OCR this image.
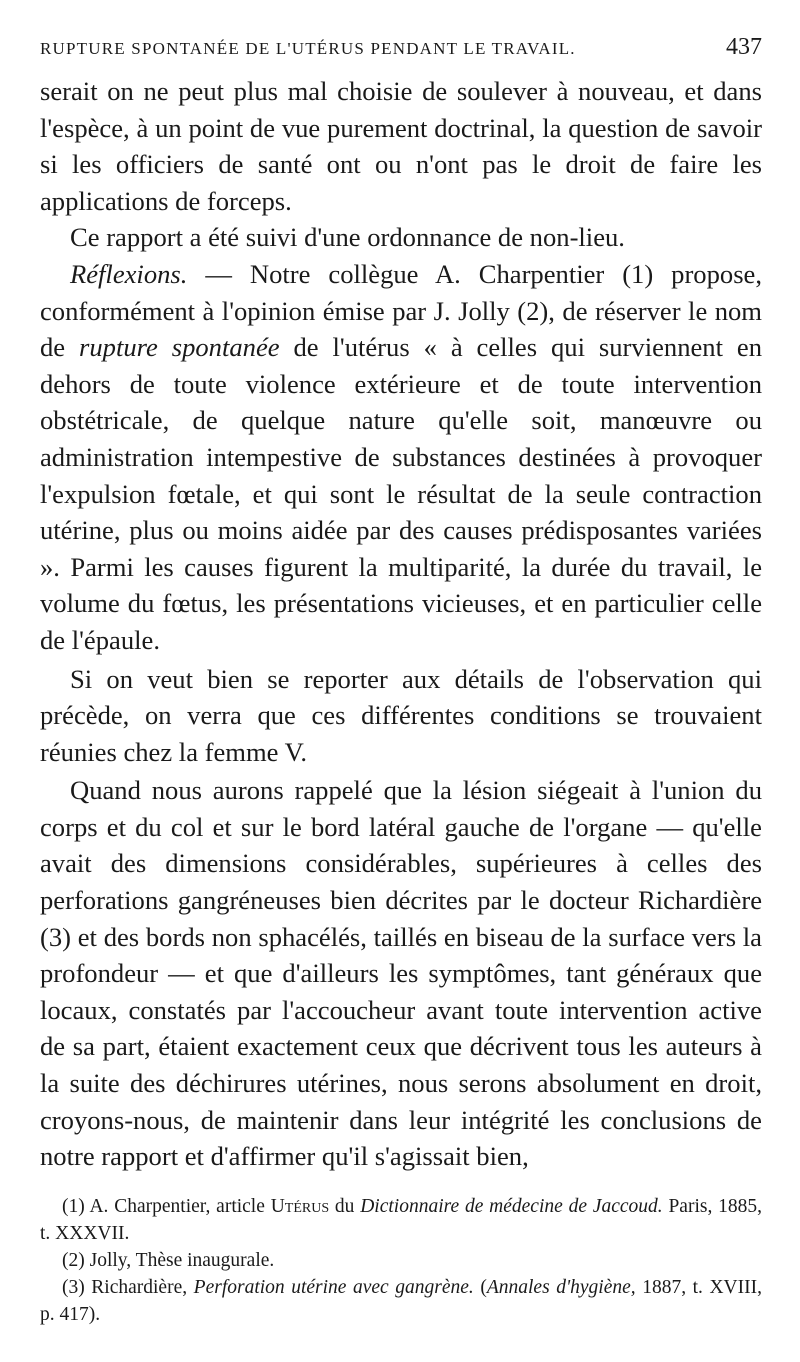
RUPTURE SPONTANÉE DE L'UTÉRUS PENDANT LE TRAVAIL.	437

serait on ne peut plus mal choisie de soulever à nouveau, et dans l'espèce, à un point de vue purement doctrinal, la question de savoir si les officiers de santé ont ou n'ont pas le droit de faire les applications de forceps.

Ce rapport a été suivi d'une ordonnance de non-lieu.

Réflexions. — Notre collègue A. Charpentier (1) propose, conformément à l'opinion émise par J. Jolly (2), de réserver le nom de rupture spontanée de l'utérus « à celles qui surviennent en dehors de toute violence extérieure et de toute intervention obstétricale, de quelque nature qu'elle soit, manœuvre ou administration intempestive de substances destinées à provoquer l'expulsion fœtale, et qui sont le résultat de la seule contraction utérine, plus ou moins aidée par des causes prédisposantes variées ». Parmi les causes figurent la multiparité, la durée du travail, le volume du fœtus, les présentations vicieuses, et en particulier celle de l'épaule.

Si on veut bien se reporter aux détails de l'observation qui précède, on verra que ces différentes conditions se trouvaient réunies chez la femme V.

Quand nous aurons rappelé que la lésion siégeait à l'union du corps et du col et sur le bord latéral gauche de l'organe — qu'elle avait des dimensions considérables, supérieures à celles des perforations gangréneuses bien décrites par le docteur Richardière (3) et des bords non sphacélés, taillés en biseau de la surface vers la profondeur — et que d'ailleurs les symptômes, tant généraux que locaux, constatés par l'accoucheur avant toute intervention active de sa part, étaient exactement ceux que décrivent tous les auteurs à la suite des déchirures utérines, nous serons absolument en droit, croyons-nous, de maintenir dans leur intégrité les conclusions de notre rapport et d'affirmer qu'il s'agissait bien,

(1) A. Charpentier, article Utérus du Dictionnaire de médecine de Jaccoud. Paris, 1885, t. XXXVII.

(2) Jolly, Thèse inaugurale.

(3) Richardière, Perforation utérine avec gangrène. (Annales d'hygiène, 1887, t. XVIII, p. 417).
